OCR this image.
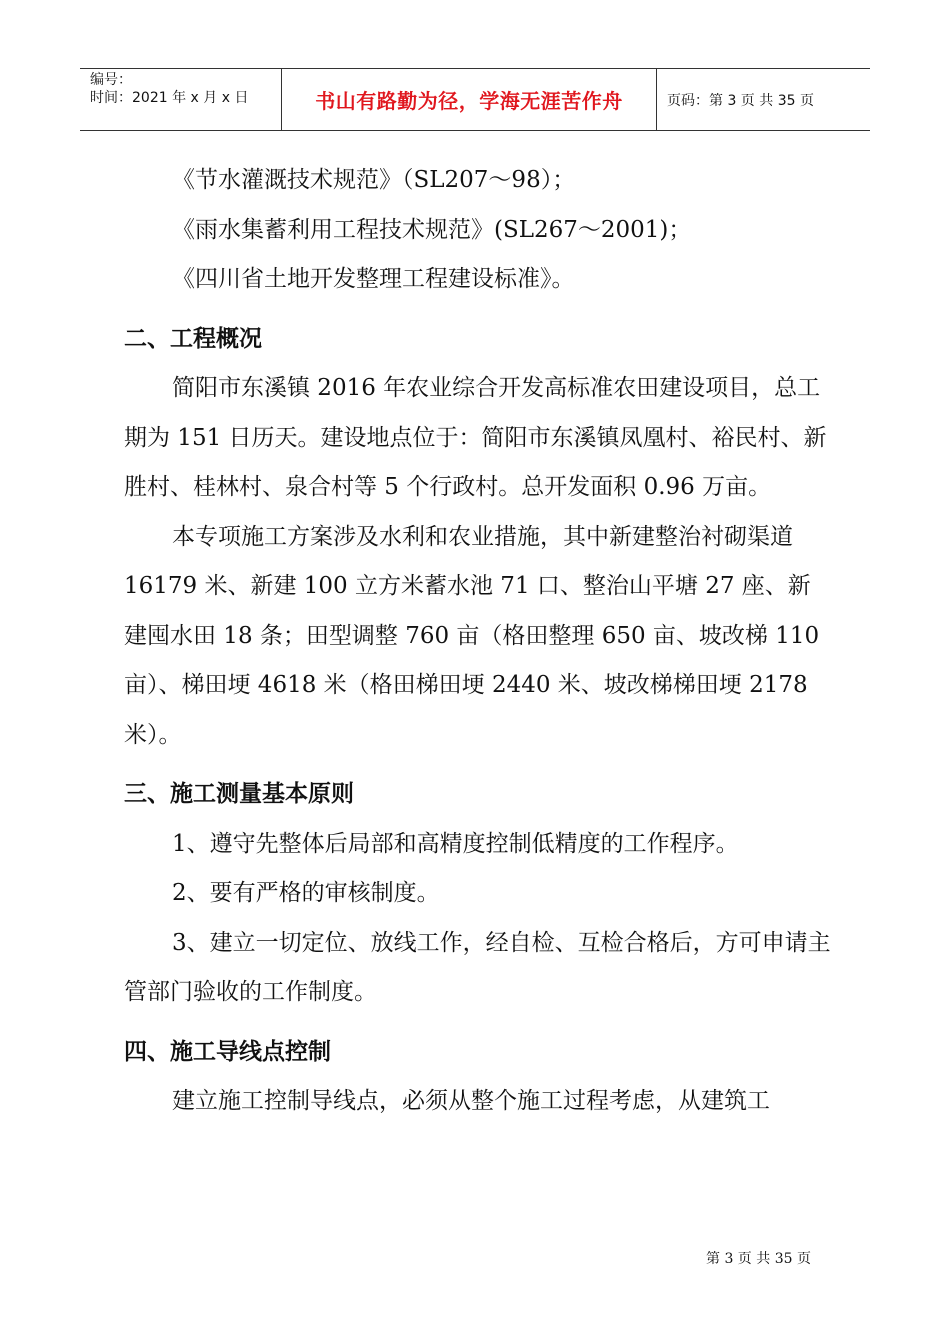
编号：
时间：2021 年 x 月 x 日	书山有路勤为径，学海无涯苦作舟	页码：第 3 页 共 35 页

《节水灌溉技术规范》（SL207～98）；

《雨水集蓄利用工程技术规范》(SL267～2001)；

《四川省土地开发整理工程建设标准》。

二、工程概况

简阳市东溪镇 2016 年农业综合开发高标准农田建设项目，总工期为 151 日历天。建设地点位于：简阳市东溪镇凤凰村、裕民村、新胜村、桂林村、泉合村等 5 个行政村。总开发面积 0.96 万亩。

本专项施工方案涉及水利和农业措施，其中新建整治衬砌渠道 16179 米、新建 100 立方米蓄水池 71 口、整治山平塘 27 座、新建囤水田 18 条；田型调整 760 亩（格田整理 650 亩、坡改梯 110 亩）、梯田埂 4618 米（格田梯田埂 2440 米、坡改梯梯田埂 2178 米）。

三、施工测量基本原则

1、遵守先整体后局部和高精度控制低精度的工作程序。

2、要有严格的审核制度。

3、建立一切定位、放线工作，经自检、互检合格后，方可申请主管部门验收的工作制度。

四、施工导线点控制

建立施工控制导线点，必须从整个施工过程考虑，从建筑工

第 3 页 共 35 页
